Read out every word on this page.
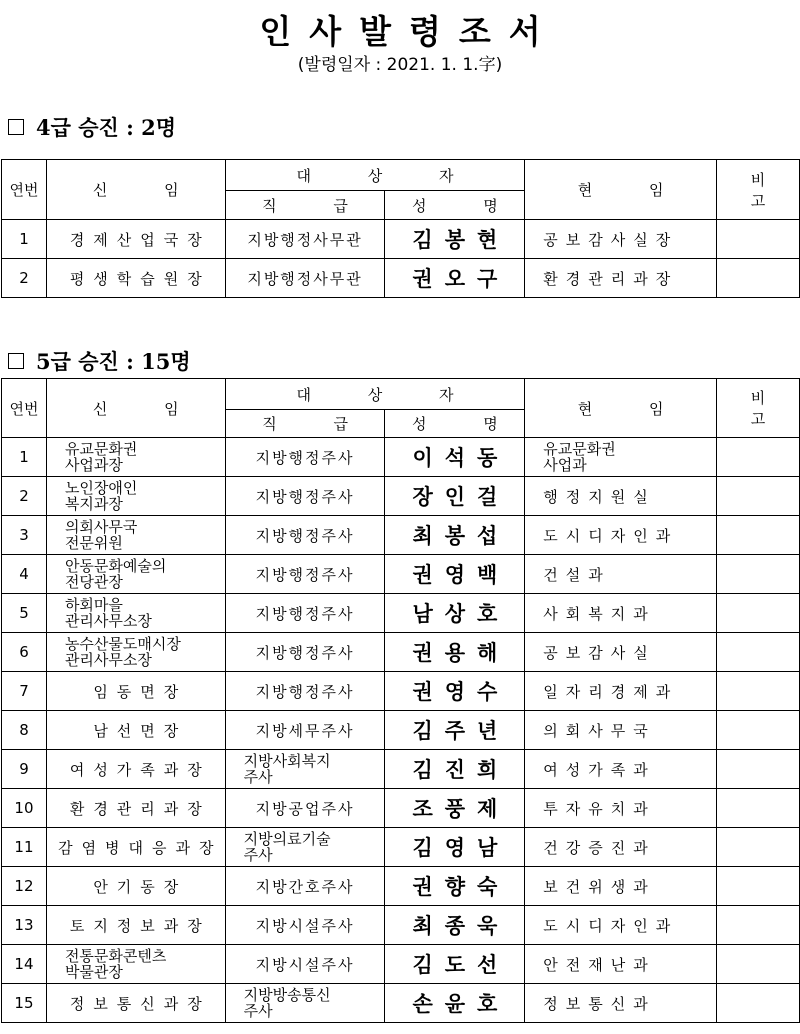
인사발령조서
(발령일자 : 2021. 1. 1.字)
4급 승진 : 2명
연번	신 임	대 상 자		현 임	비 고
		직 급	성 명		
1	경제산업국장	지방행정사무관	김봉현	공보감사실장	
2	평생학습원장	지방행정사무관	권오구	환경관리과장	
5급 승진 : 15명
연번	신 임	대 상 자		현 임	비 고
		직 급	성 명		
1	유교문화권
사업과장	지방행정주사	이석동	유교문화권
사업과	

2	노인장애인
복지과장	지방행정주사	장인걸	행정지원실	
3	의회사무국
전문위원	지방행정주사	최봉섭	도시디자인과	
4	안동문화예술의
전당관장	지방행정주사	권영백	건설과	
5	하회마을
관리사무소장	지방행정주사	남상호	사회복지과	
6	농수산물도매시장
관리사무소장	지방행정주사	권용해	공보감사실	
7	임동면장	지방행정주사	권영수	일자리경제과	
8	남선면장	지방세무주사	김주년	의회사무국	
9	여성가족과장	지방사회복지
주사	김진희	여성가족과	
10	환경관리과장	지방공업주사	조풍제	투자유치과	
11	감염병대응과장	지방의료기술
주사	김영남	건강증진과	
12	안기동장	지방간호주사	권향숙	보건위생과	
13	토지정보과장	지방시설주사	최종욱	도시디자인과	
14	전통문화콘텐츠
박물관장	지방시설주사	김도선	안전재난과	
15	정보통신과장	지방방송통신
주사	손윤호	정보통신과	
